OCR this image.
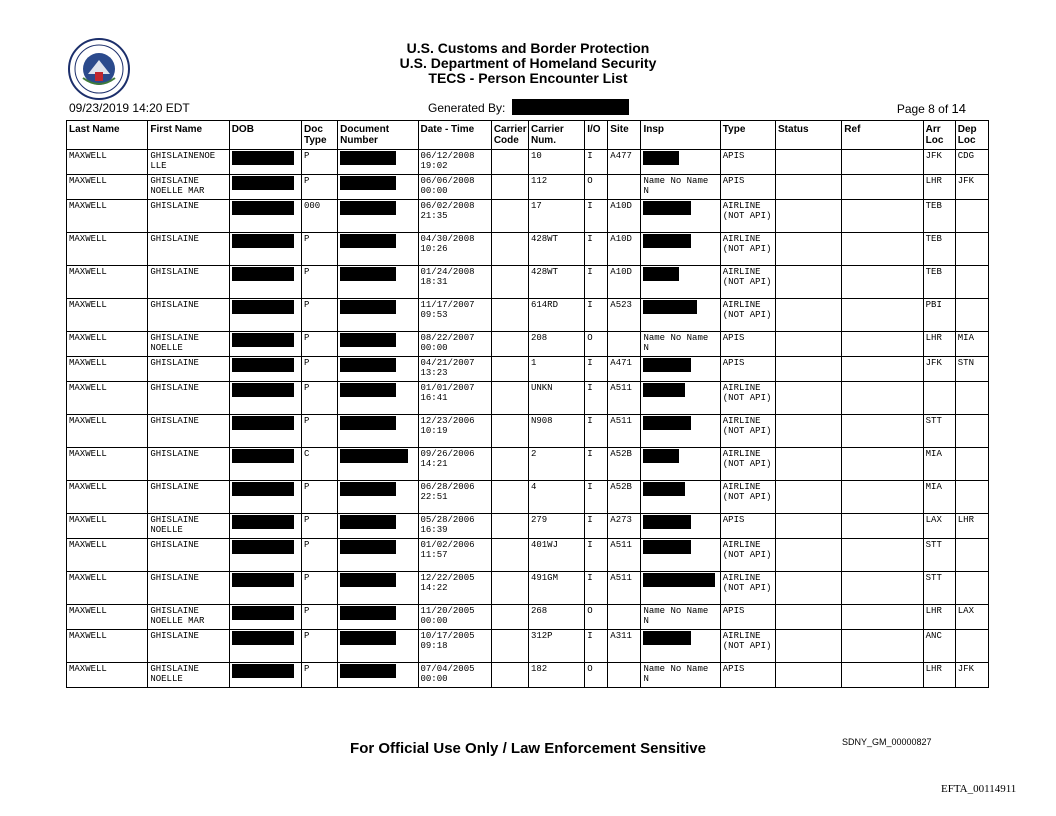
U.S. Customs and Border Protection
U.S. Department of Homeland Security
TECS - Person Encounter List
09/23/2019 14:20 EDT	Generated By:	Page 8 of 14
Last Name	First Name	DOB	Doc Type	Document Number	Date - Time	Carrier Code	Carrier Num.	I/O	Site	Insp	Type	Status	Ref	Arr Loc	Dep Loc
MAXWELL	GHISLAINENOE LLE		P		06/12/2008 19:02		10	I	A477		APIS			JFK	CDG
MAXWELL	GHISLAINE NOELLE MAR		P		06/06/2008 00:00		112	O		Name No Name N	APIS			LHR	JFK
MAXWELL	GHISLAINE		000		06/02/2008 21:35		17	I	A10D		AIRLINE (NOT API)			TEB	
MAXWELL	GHISLAINE		P		04/30/2008 10:26		428WT	I	A10D		AIRLINE (NOT API)			TEB	
MAXWELL	GHISLAINE		P		01/24/2008 18:31		428WT	I	A10D		AIRLINE (NOT API)			TEB	
MAXWELL	GHISLAINE		P		11/17/2007 09:53		614RD	I	A523		AIRLINE (NOT API)			PBI	
MAXWELL	GHISLAINE NOELLE		P		08/22/2007 00:00		208	O		Name No Name N	APIS			LHR	MIA
MAXWELL	GHISLAINE		P		04/21/2007 13:23		1	I	A471		APIS			JFK	STN
MAXWELL	GHISLAINE		P		01/01/2007 16:41		UNKN	I	A511		AIRLINE (NOT API)				
MAXWELL	GHISLAINE		P		12/23/2006 10:19		N908	I	A511		AIRLINE (NOT API)			STT	
MAXWELL	GHISLAINE		C		09/26/2006 14:21		2	I	A52B		AIRLINE (NOT API)			MIA	
MAXWELL	GHISLAINE		P		06/28/2006 22:51		4	I	A52B		AIRLINE (NOT API)			MIA	
MAXWELL	GHISLAINE NOELLE		P		05/28/2006 16:39		279	I	A273		APIS			LAX	LHR
MAXWELL	GHISLAINE		P		01/02/2006 11:57		401WJ	I	A511		AIRLINE (NOT API)			STT	
MAXWELL	GHISLAINE		P		12/22/2005 14:22		491GM	I	A511		AIRLINE (NOT API)			STT	
MAXWELL	GHISLAINE NOELLE MAR		P		11/20/2005 00:00		268	O		Name No Name N	APIS			LHR	LAX
MAXWELL	GHISLAINE		P		10/17/2005 09:18		312P	I	A311		AIRLINE (NOT API)			ANC	
MAXWELL	GHISLAINE NOELLE		P		07/04/2005 00:00		182	O		Name No Name N	APIS			LHR	JFK
For Official Use Only / Law Enforcement Sensitive	SDNY_GM_00000827
EFTA_00114911
